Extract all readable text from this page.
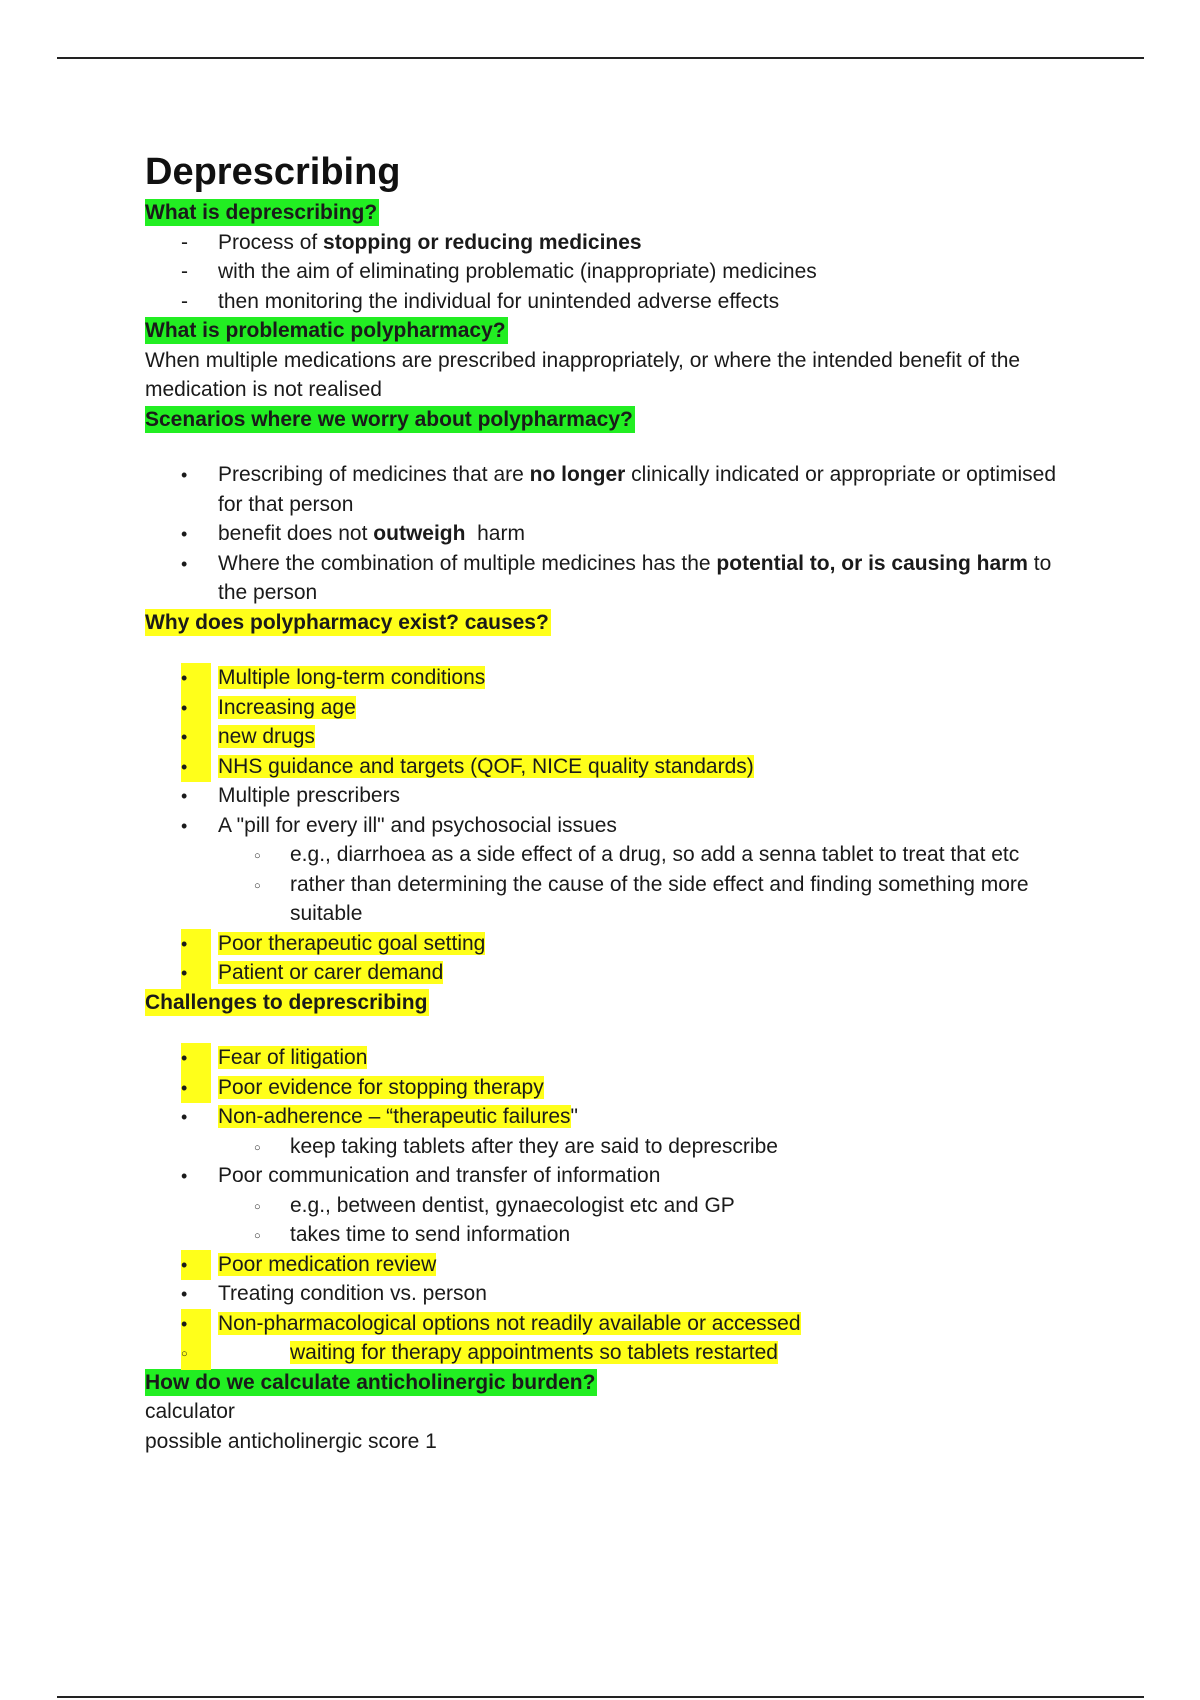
Deprescribing
What is deprescribing?
-
Process of stopping or reducing medicines
-
with the aim of eliminating problematic (inappropriate) medicines
-
then monitoring the individual for unintended adverse effects
What is problematic polypharmacy?
When multiple medications are prescribed inappropriately, or where the intended benefit of the medication is not realised
Scenarios where we worry about polypharmacy?
•
Prescribing of medicines that are no longer clinically indicated or appropriate or optimised for that person
•
benefit does not outweigh  harm
•
Where the combination of multiple medicines has the potential to, or is causing harm to the person
Why does polypharmacy exist? causes?
•
Multiple long-term conditions
•
Increasing age
•
new drugs
•
NHS guidance and targets (QOF, NICE quality standards)
•
Multiple prescribers
•
A "pill for every ill" and psychosocial issues
○
e.g., diarrhoea as a side effect of a drug, so add a senna tablet to treat that etc
○
rather than determining the cause of the side effect and finding something more suitable
•
Poor therapeutic goal setting
•
Patient or carer demand
Challenges to deprescribing
•
Fear of litigation
•
Poor evidence for stopping therapy
•
Non-adherence – “therapeutic failures"
○
keep taking tablets after they are said to deprescribe
•
Poor communication and transfer of information
○
e.g., between dentist, gynaecologist etc and GP
○
takes time to send information
•
Poor medication review
•
Treating condition vs. person
•
Non-pharmacological options not readily available or accessed
○
waiting for therapy appointments so tablets restarted
How do we calculate anticholinergic burden?
calculator
possible anticholinergic score 1
